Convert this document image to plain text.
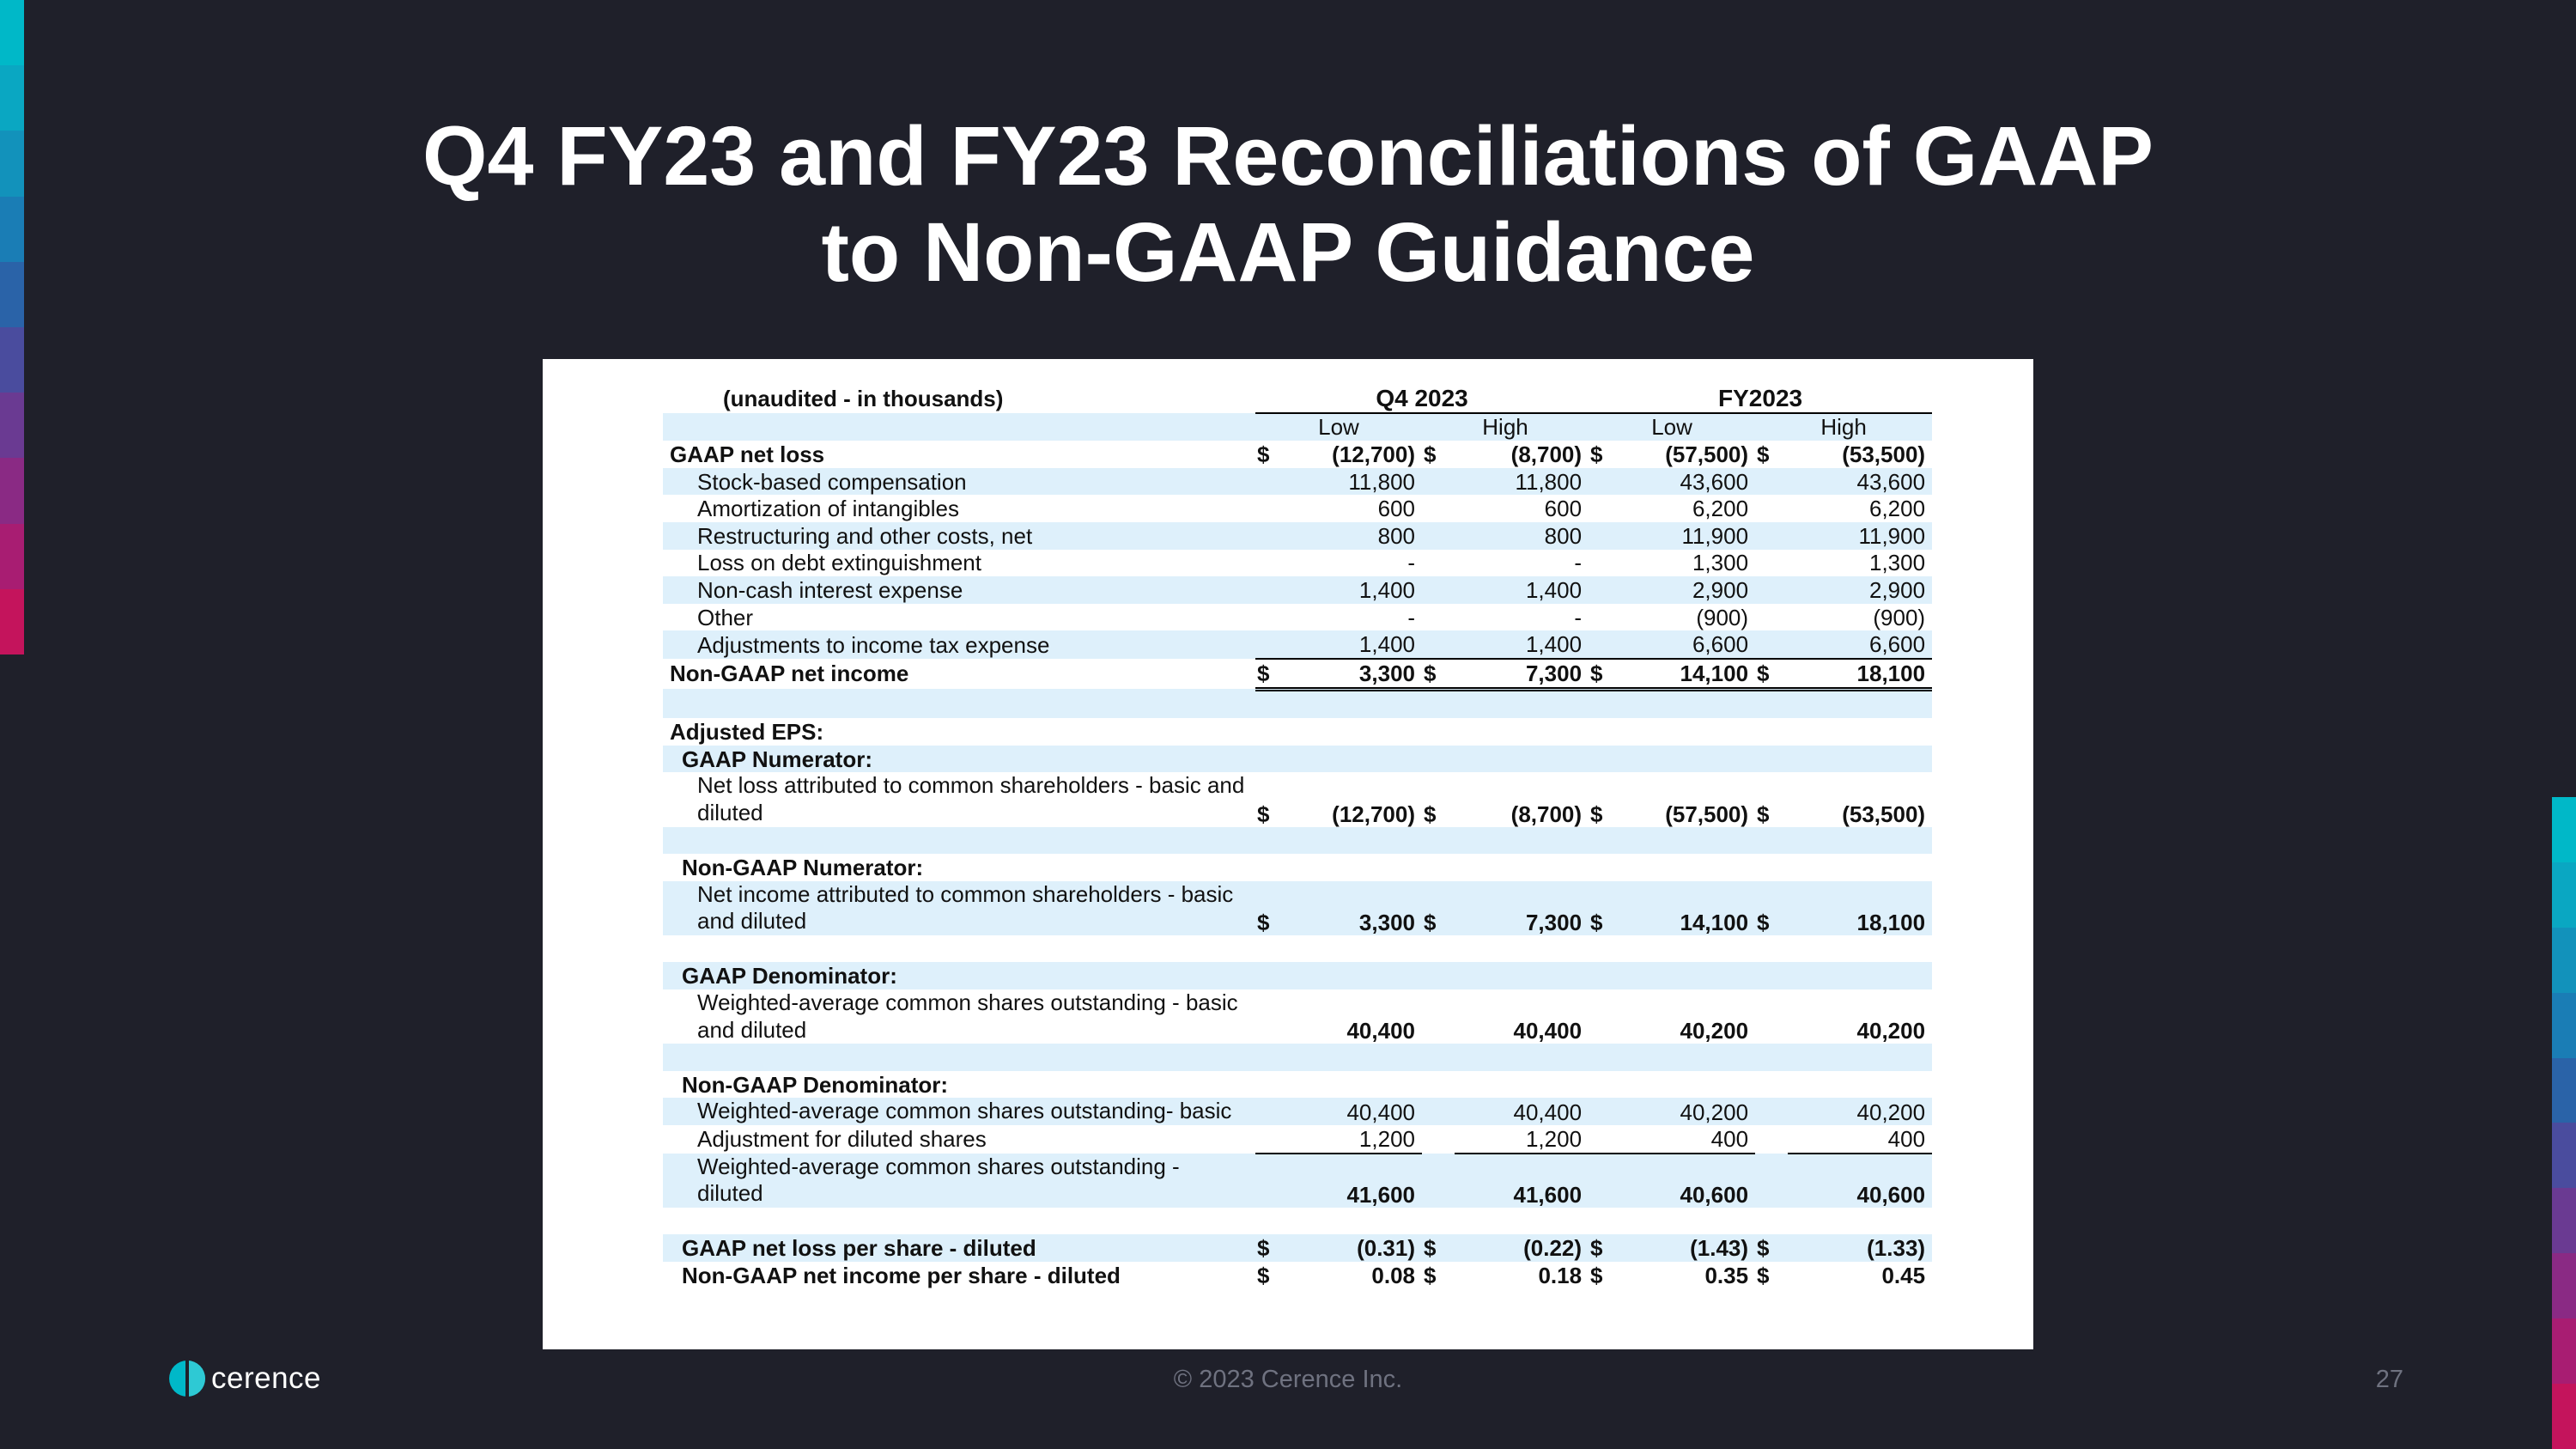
Q4 FY23 and FY23 Reconciliations of GAAP
to Non-GAAP Guidance
(unaudited - in thousands)	Q4 2023				FY2023			
	Low		High		Low		High	
GAAP net loss	$	(12,700)	$	(8,700)	$	(57,500)	$	(53,500)
Stock-based compensation		11,800		11,800		43,600		43,600
Amortization of intangibles		600		600		6,200		6,200
Restructuring and other costs, net		800		800		11,900		11,900
Loss on debt extinguishment		-		-		1,300		1,300
Non-cash interest expense		1,400		1,400		2,900		2,900
Other		-		-		(900)		(900)
Adjustments to income tax expense		1,400		1,400		6,600		6,600
Non-GAAP net income	$	3,300	$	7,300	$	14,100	$	18,100

Adjusted EPS:								
GAAP Numerator:								
Net loss attributed to common shareholders - basic and diluted	$	(12,700)	$	(8,700)	$	(57,500)	$	(53,500)

Non-GAAP Numerator:								
Net income attributed to common shareholders - basic and diluted	$	3,300	$	7,300	$	14,100	$	18,100

GAAP Denominator:								
Weighted-average common shares outstanding - basic and diluted		40,400		40,400		40,200		40,200

Non-GAAP Denominator:								
Weighted-average common shares outstanding- basic		40,400		40,400		40,200		40,200
Adjustment for diluted shares		1,200		1,200		400		400
Weighted-average common shares outstanding - diluted		41,600		41,600		40,600		40,600

GAAP net loss per share - diluted	$	(0.31)	$	(0.22)	$	(1.43)	$	(1.33)
Non-GAAP net income per share - diluted	$	0.08	$	0.18	$	0.35	$	0.45
cerence	© 2023 Cerence Inc.	27
